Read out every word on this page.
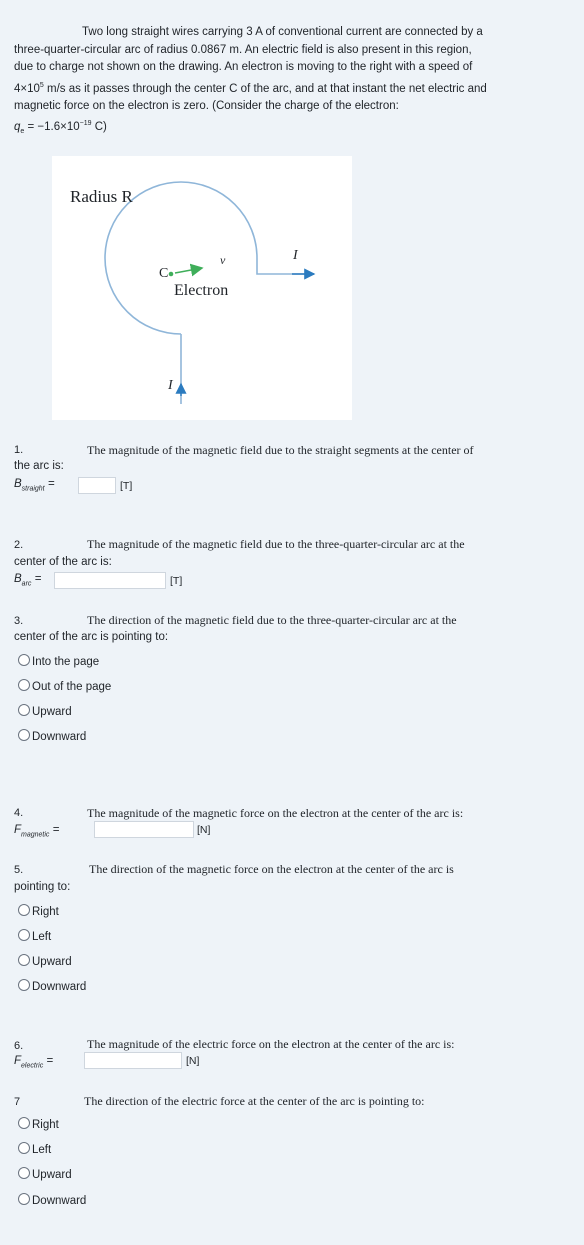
Two long straight wires carrying 3 A of conventional current are connected by a
three-quarter-circular arc of radius 0.0867 m. An electric field is also present in this region,
due to charge not shown on the drawing. An electron is moving to the right with a speed of
$4\times 10^5$ m/s as it passes through the center C of the arc, and at that instant the net electric and
magnetic force on the electron is zero. (Consider the charge of the electron:
$q_e = -1.6\times 10^{-19}$ C)
Radius R
C
v
Electron
I
I
1.	The magnitude of the magnetic field due to the straight segments at the center of
the arc is:
$B_{straight}$ =	[T]
2.	The magnitude of the magnetic field due to the three-quarter-circular arc at the
center of the arc is:
$B_{arc}$ =	[T]
3.	The direction of the magnetic field due to the three-quarter-circular arc at the
center of the arc is pointing to:
Into the page
Out of the page
Upward
Downward
4.	The magnitude of the magnetic force on the electron at the center of the arc is:
$F_{magnetic}$ =	[N]
5.	The direction of the magnetic force on the electron at the center of the arc is
pointing to:
Right
Left
Upward
Downward
6.	The magnitude of the electric force on the electron at the center of the arc is:
$F_{electric}$ =	[N]
7	The direction of the electric force at the center of the arc is pointing to:
Right
Left
Upward
Downward
